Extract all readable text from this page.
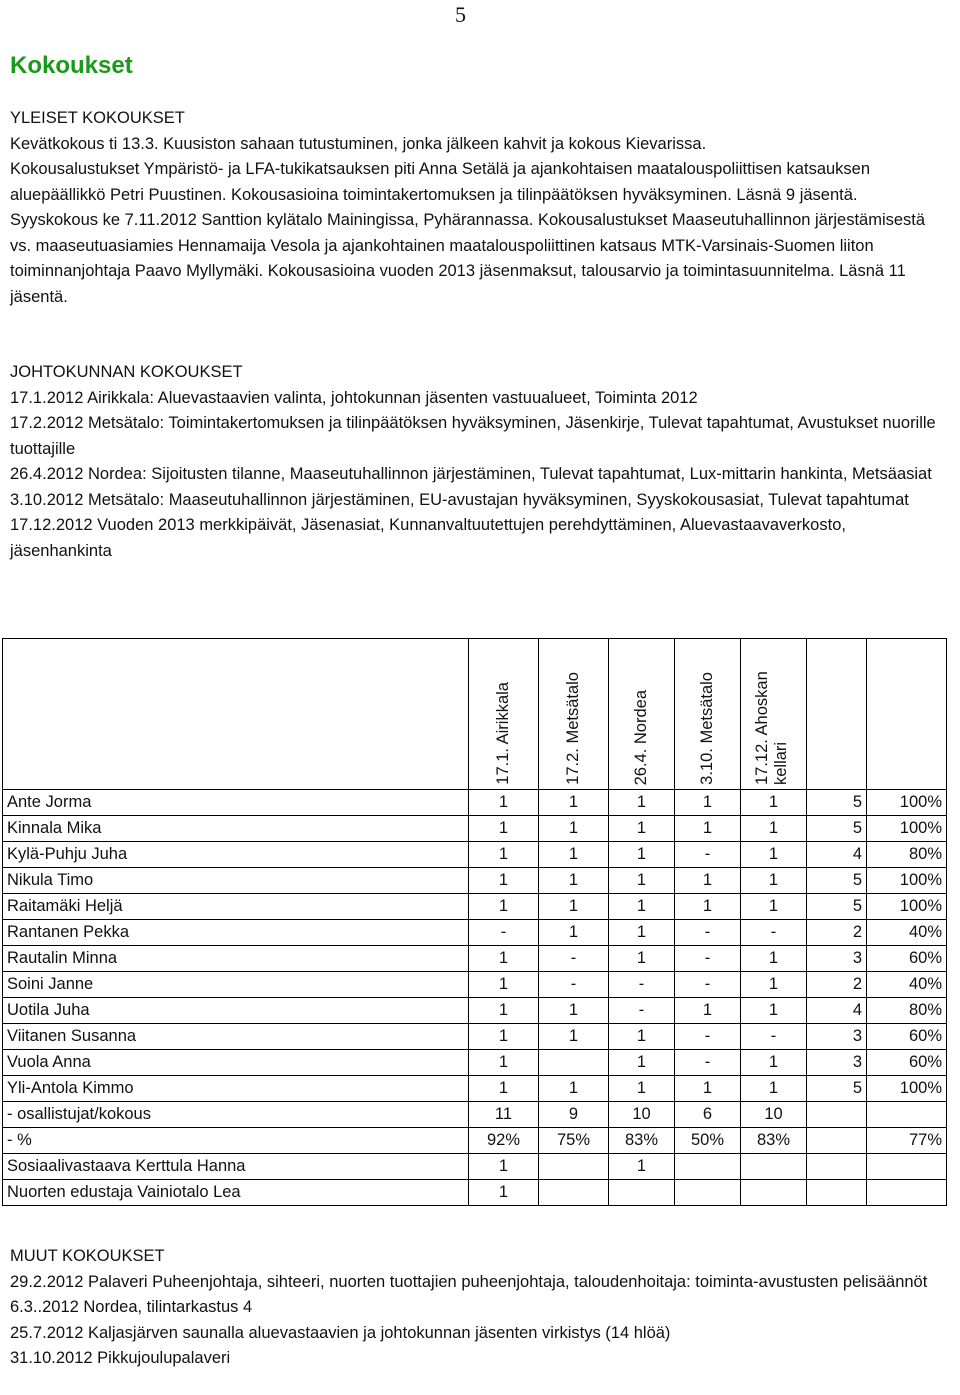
5
Kokoukset

YLEISET KOKOUKSET

Kevätkokous ti 13.3. Kuusiston sahaan tutustuminen, jonka jälkeen kahvit ja kokous Kievarissa.

Kokousalustukset Ympäristö- ja LFA-tukikatsauksen piti Anna Setälä ja ajankohtaisen maatalouspoliittisen katsauksen aluepäällikkö Petri Puustinen. Kokousasioina toimintakertomuksen ja tilinpäätöksen hyväksyminen. Läsnä 9 jäsentä.

Syyskokous ke 7.11.2012 Santtion kylätalo Mainingissa, Pyhärannassa. Kokousalustukset Maaseutuhallinnon järjestämisestä vs. maaseutuasiamies Hennamaija Vesola ja ajankohtainen maatalouspoliittinen katsaus MTK-Varsinais-Suomen liiton toiminnanjohtaja Paavo Myllymäki. Kokousasioina vuoden 2013 jäsenmaksut, talousarvio ja toimintasuunnitelma. Läsnä 11 jäsentä.

JOHTOKUNNAN KOKOUKSET

17.1.2012 Airikkala: Aluevastaavien valinta, johtokunnan jäsenten vastuualueet, Toiminta 2012

17.2.2012 Metsätalo: Toimintakertomuksen ja tilinpäätöksen hyväksyminen, Jäsenkirje, Tulevat tapahtumat, Avustukset nuorille tuottajille

26.4.2012 Nordea: Sijoitusten tilanne, Maaseutuhallinnon järjestäminen, Tulevat tapahtumat, Lux-mittarin hankinta, Metsäasiat

3.10.2012 Metsätalo: Maaseutuhallinnon järjestäminen, EU-avustajan hyväksyminen, Syyskokousasiat, Tulevat tapahtumat

17.12.2012 Vuoden 2013 merkkipäivät, Jäsenasiat, Kunnanvaltuutettujen perehdyttäminen, Aluevastaavaverkosto, jäsenhankinta

	17.1. Airikkala	17.2. Metsätalo	26.4. Nordea	3.10. Metsätalo	17.12. Ahoskan kellari		

Ante Jorma	1	1	1	1	1	5	100%
Kinnala Mika	1	1	1	1	1	5	100%
Kylä-Puhju Juha	1	1	1	-	1	4	80%
Nikula Timo	1	1	1	1	1	5	100%
Raitamäki Heljä	1	1	1	1	1	5	100%
Rantanen Pekka	-	1	1	-	-	2	40%
Rautalin Minna	1	-	1	-	1	3	60%
Soini Janne	1	-	-	-	1	2	40%
Uotila Juha	1	1	-	1	1	4	80%
Viitanen Susanna	1	1	1	-	-	3	60%
Vuola Anna	1		1	-	1	3	60%
Yli-Antola Kimmo	1	1	1	1	1	5	100%
- osallistujat/kokous	11	9	10	6	10		
- %	92%	75%	83%	50%	83%		77%
Sosiaalivastaava Kerttula Hanna	1		1				
Nuorten edustaja Vainiotalo Lea	1						

MUUT KOKOUKSET

29.2.2012 Palaveri Puheenjohtaja, sihteeri, nuorten tuottajien puheenjohtaja, taloudenhoitaja: toiminta-avustusten pelisäännöt

6.3..2012 Nordea, tilintarkastus 4

25.7.2012 Kaljasjärven saunalla aluevastaavien ja johtokunnan jäsenten virkistys (14 hlöä)

31.10.2012 Pikkujoulupalaveri
